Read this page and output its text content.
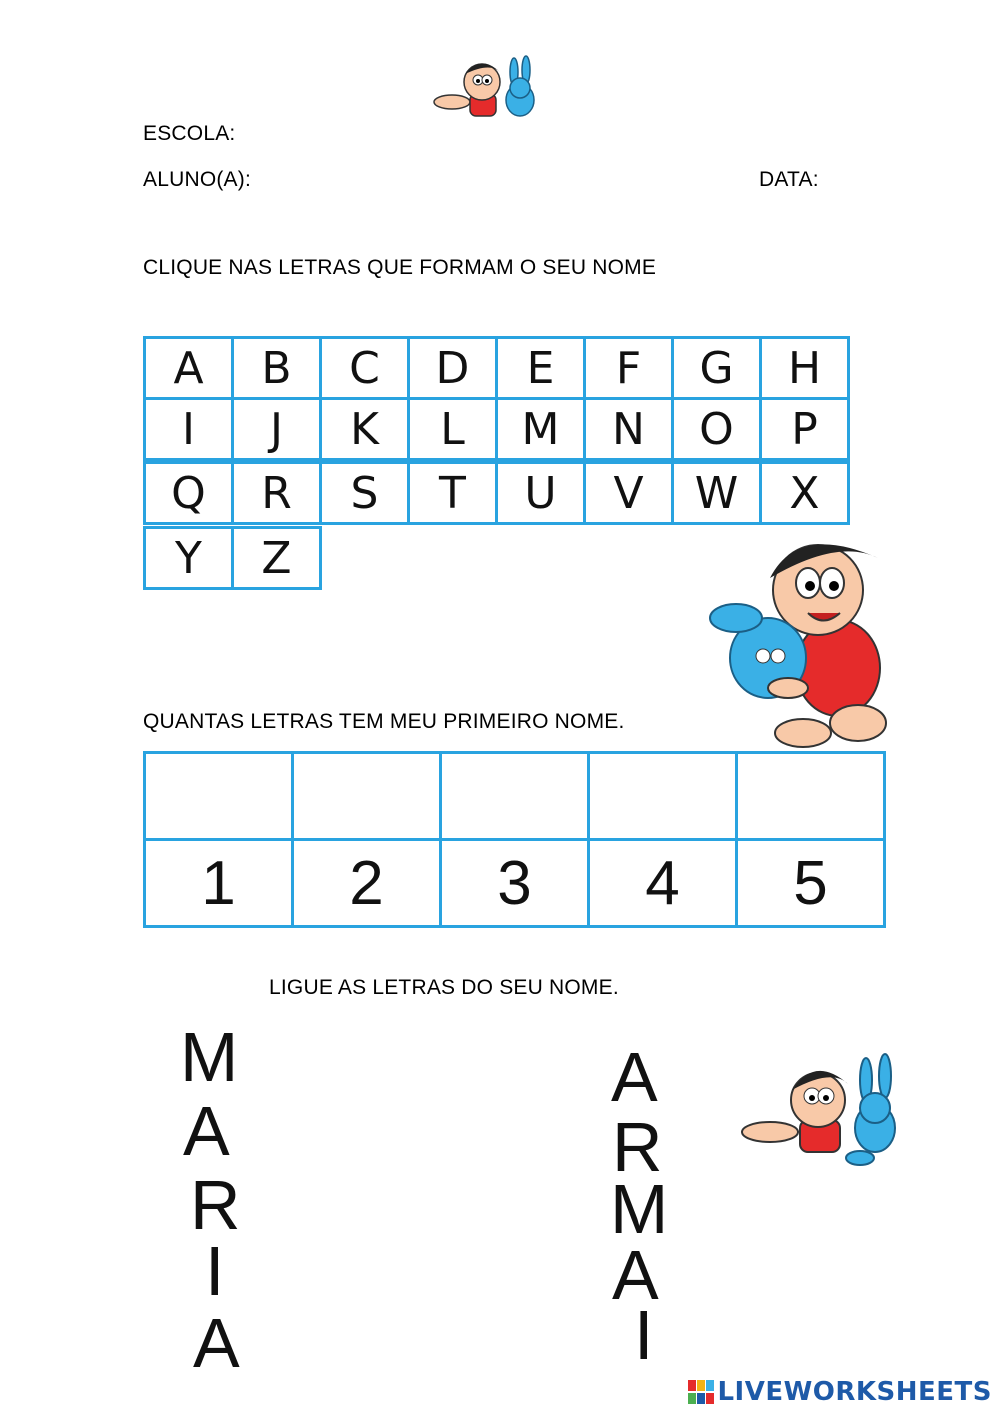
ESCOLA:
ALUNO(A):	DATA:
CLIQUE NAS LETRAS QUE FORMAM O SEU NOME
A	B	C	D	E	F	G	H
I	J	K	L	M	N	O	P
Q	R	S	T	U	V	W	X
Y	Z
QUANTAS LETRAS TEM MEU PRIMEIRO NOME.
1	2	3	4	5
LIGUE AS LETRAS DO SEU NOME.
M
A
R
I
A
A
R
M
A
I
LIVEWORKSHEETS
